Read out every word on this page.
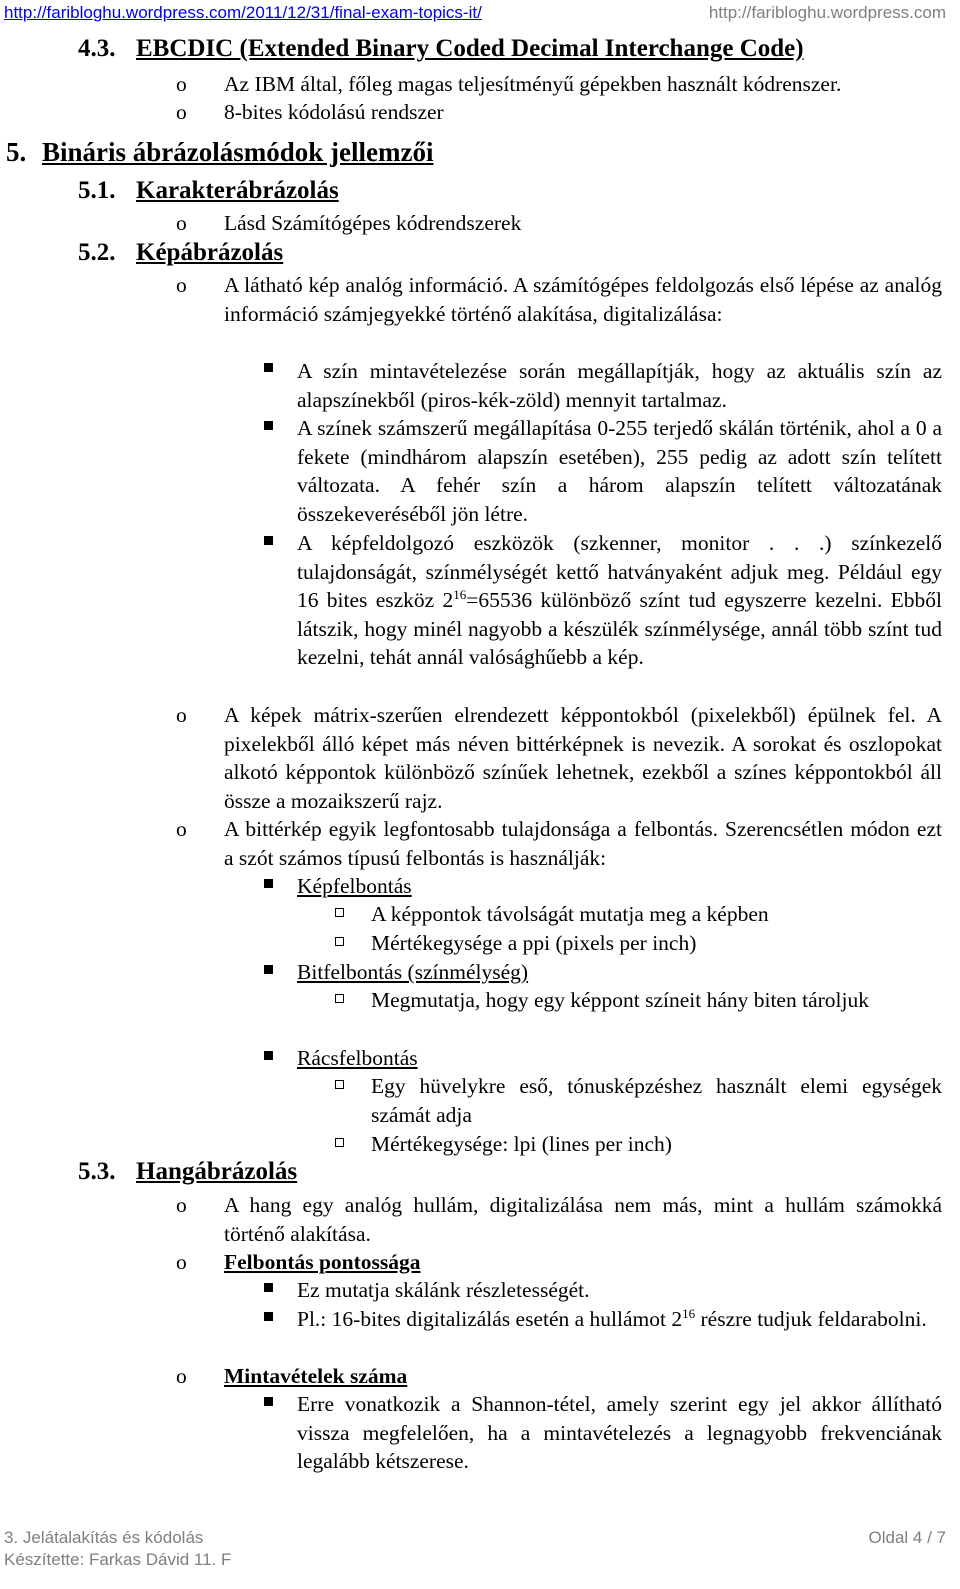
http://faribloghu.wordpress.com/2011/12/31/final-exam-topics-it/	http://faribloghu.wordpress.com
4.3. EBCDIC (Extended Binary Coded Decimal Interchange Code)
o Az IBM által, főleg magas teljesítményű gépekben használt kódrenszer.
o 8-bites kódolású rendszer
5. Bináris ábrázolásmódok jellemzői
5.1. Karakterábrázolás
o Lásd Számítógépes kódrendszerek
5.2. Képábrázolás
o A látható kép analóg információ. A számítógépes feldolgozás első lépése az analóg információ számjegyekké történő alakítása, digitalizálása:
A szín mintavételezése során megállapítják, hogy az aktuális szín az alapszínekből (piros-kék-zöld) mennyit tartalmaz.
A színek számszerű megállapítása 0-255 terjedő skálán történik, ahol a 0 a fekete (mindhárom alapszín esetében), 255 pedig az adott szín telített változata. A fehér szín a három alapszín telített változatának összekeveréséből jön létre.
A képfeldolgozó eszközök (szkenner, monitor . . .) színkezelő tulajdonságát, színmélységét kettő hatványaként adjuk meg. Például egy 16 bites eszköz $2^{16}=65536$ különböző színt tud egyszerre kezelni. Ebből látszik, hogy minél nagyobb a készülék színmélysége, annál több színt tud kezelni, tehát annál valósághűebb a kép.
o A képek mátrix-szerűen elrendezett képpontokból (pixelekből) épülnek fel. A pixelekből álló képet más néven bittérképnek is nevezik. A sorokat és oszlopokat alkotó képpontok különböző színűek lehetnek, ezekből a színes képpontokból áll össze a mozaikszerű rajz.
o A bittérkép egyik legfontosabb tulajdonsága a felbontás. Szerencsétlen módon ezt a szót számos típusú felbontás is használják:
Képfelbontás
A képpontok távolságát mutatja meg a képben
Mértékegysége a ppi (pixels per inch)
Bitfelbontás (színmélység)
Megmutatja, hogy egy képpont színeit hány biten tároljuk
Rácsfelbontás
Egy hüvelykre eső, tónusképzéshez használt elemi egységek számát adja
Mértékegysége: lpi (lines per inch)
5.3. Hangábrázolás
o A hang egy analóg hullám, digitalizálása nem más, mint a hullám számokká történő alakítása.
o Felbontás pontossága
Ez mutatja skálánk részletességét.
Pl.: 16-bites digitalizálás esetén a hullámot $2^{16}$ részre tudjuk feldarabolni.
o Mintavételek száma
Erre vonatkozik a Shannon-tétel, amely szerint egy jel akkor állítható vissza megfelelően, ha a mintavételezés a legnagyobb frekvenciának legalább kétszerese.
3. Jelátalakítás és kódolás	Oldal 4 / 7
Készítette: Farkas Dávid 11. F
